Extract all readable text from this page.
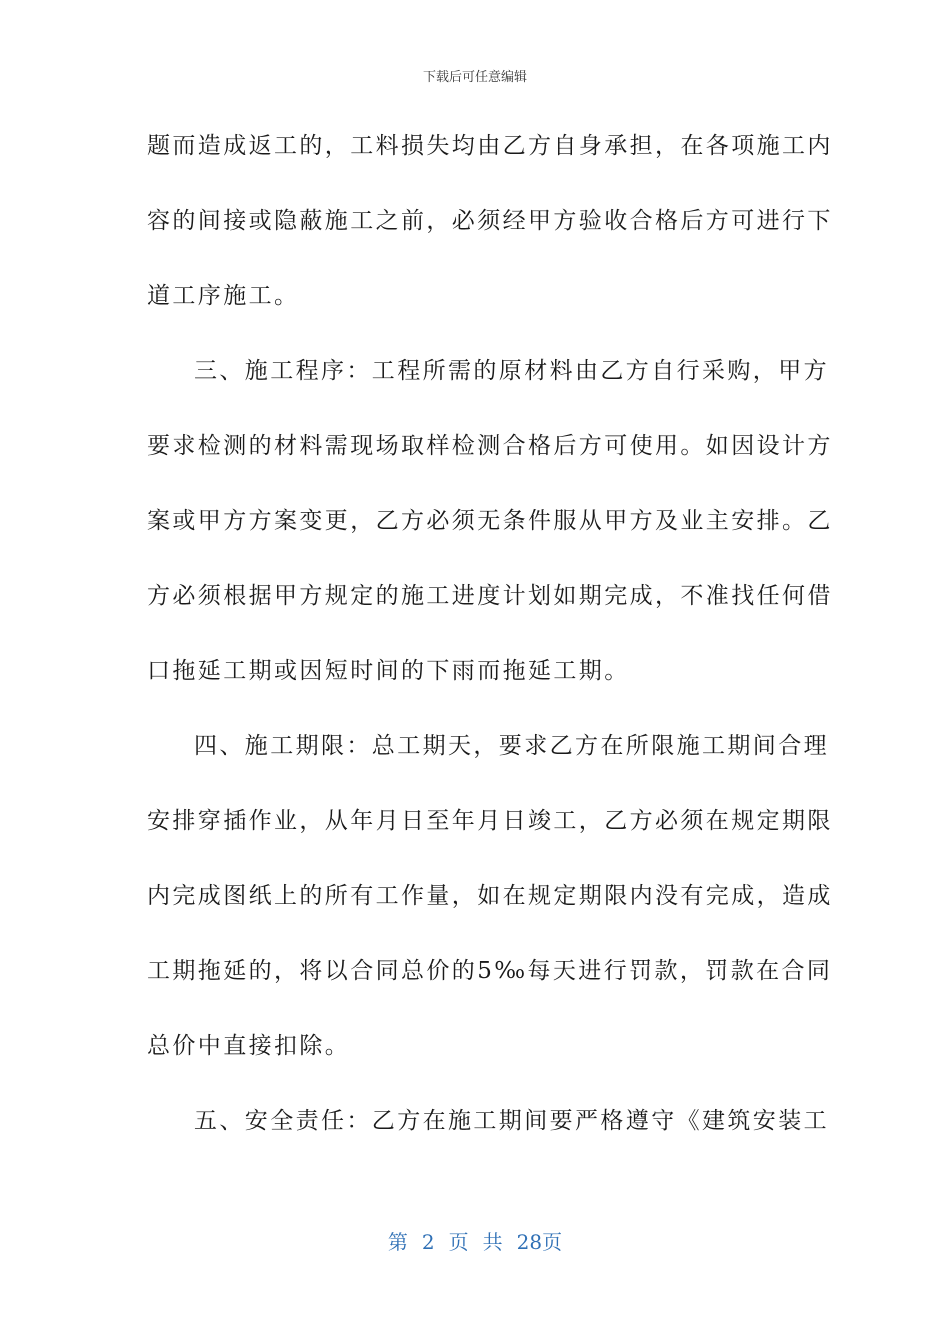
下载后可任意编辑
题而造成返工的，工料损失均由乙方自身承担，在各项施工内
容的间接或隐蔽施工之前，必须经甲方验收合格后方可进行下
道工序施工。
三、施工程序：工程所需的原材料由乙方自行采购，甲方
要求检测的材料需现场取样检测合格后方可使用。如因设计方
案或甲方方案变更，乙方必须无条件服从甲方及业主安排。乙
方必须根据甲方规定的施工进度计划如期完成，不准找任何借
口拖延工期或因短时间的下雨而拖延工期。
四、施工期限：总工期天，要求乙方在所限施工期间合理
安排穿插作业，从年月日至年月日竣工，乙方必须在规定期限
内完成图纸上的所有工作量，如在规定期限内没有完成，造成
工期拖延的，将以合同总价的5‰每天进行罚款，罚款在合同
总价中直接扣除。
五、安全责任：乙方在施工期间要严格遵守《建筑安装工
第 2 页 共 28页
